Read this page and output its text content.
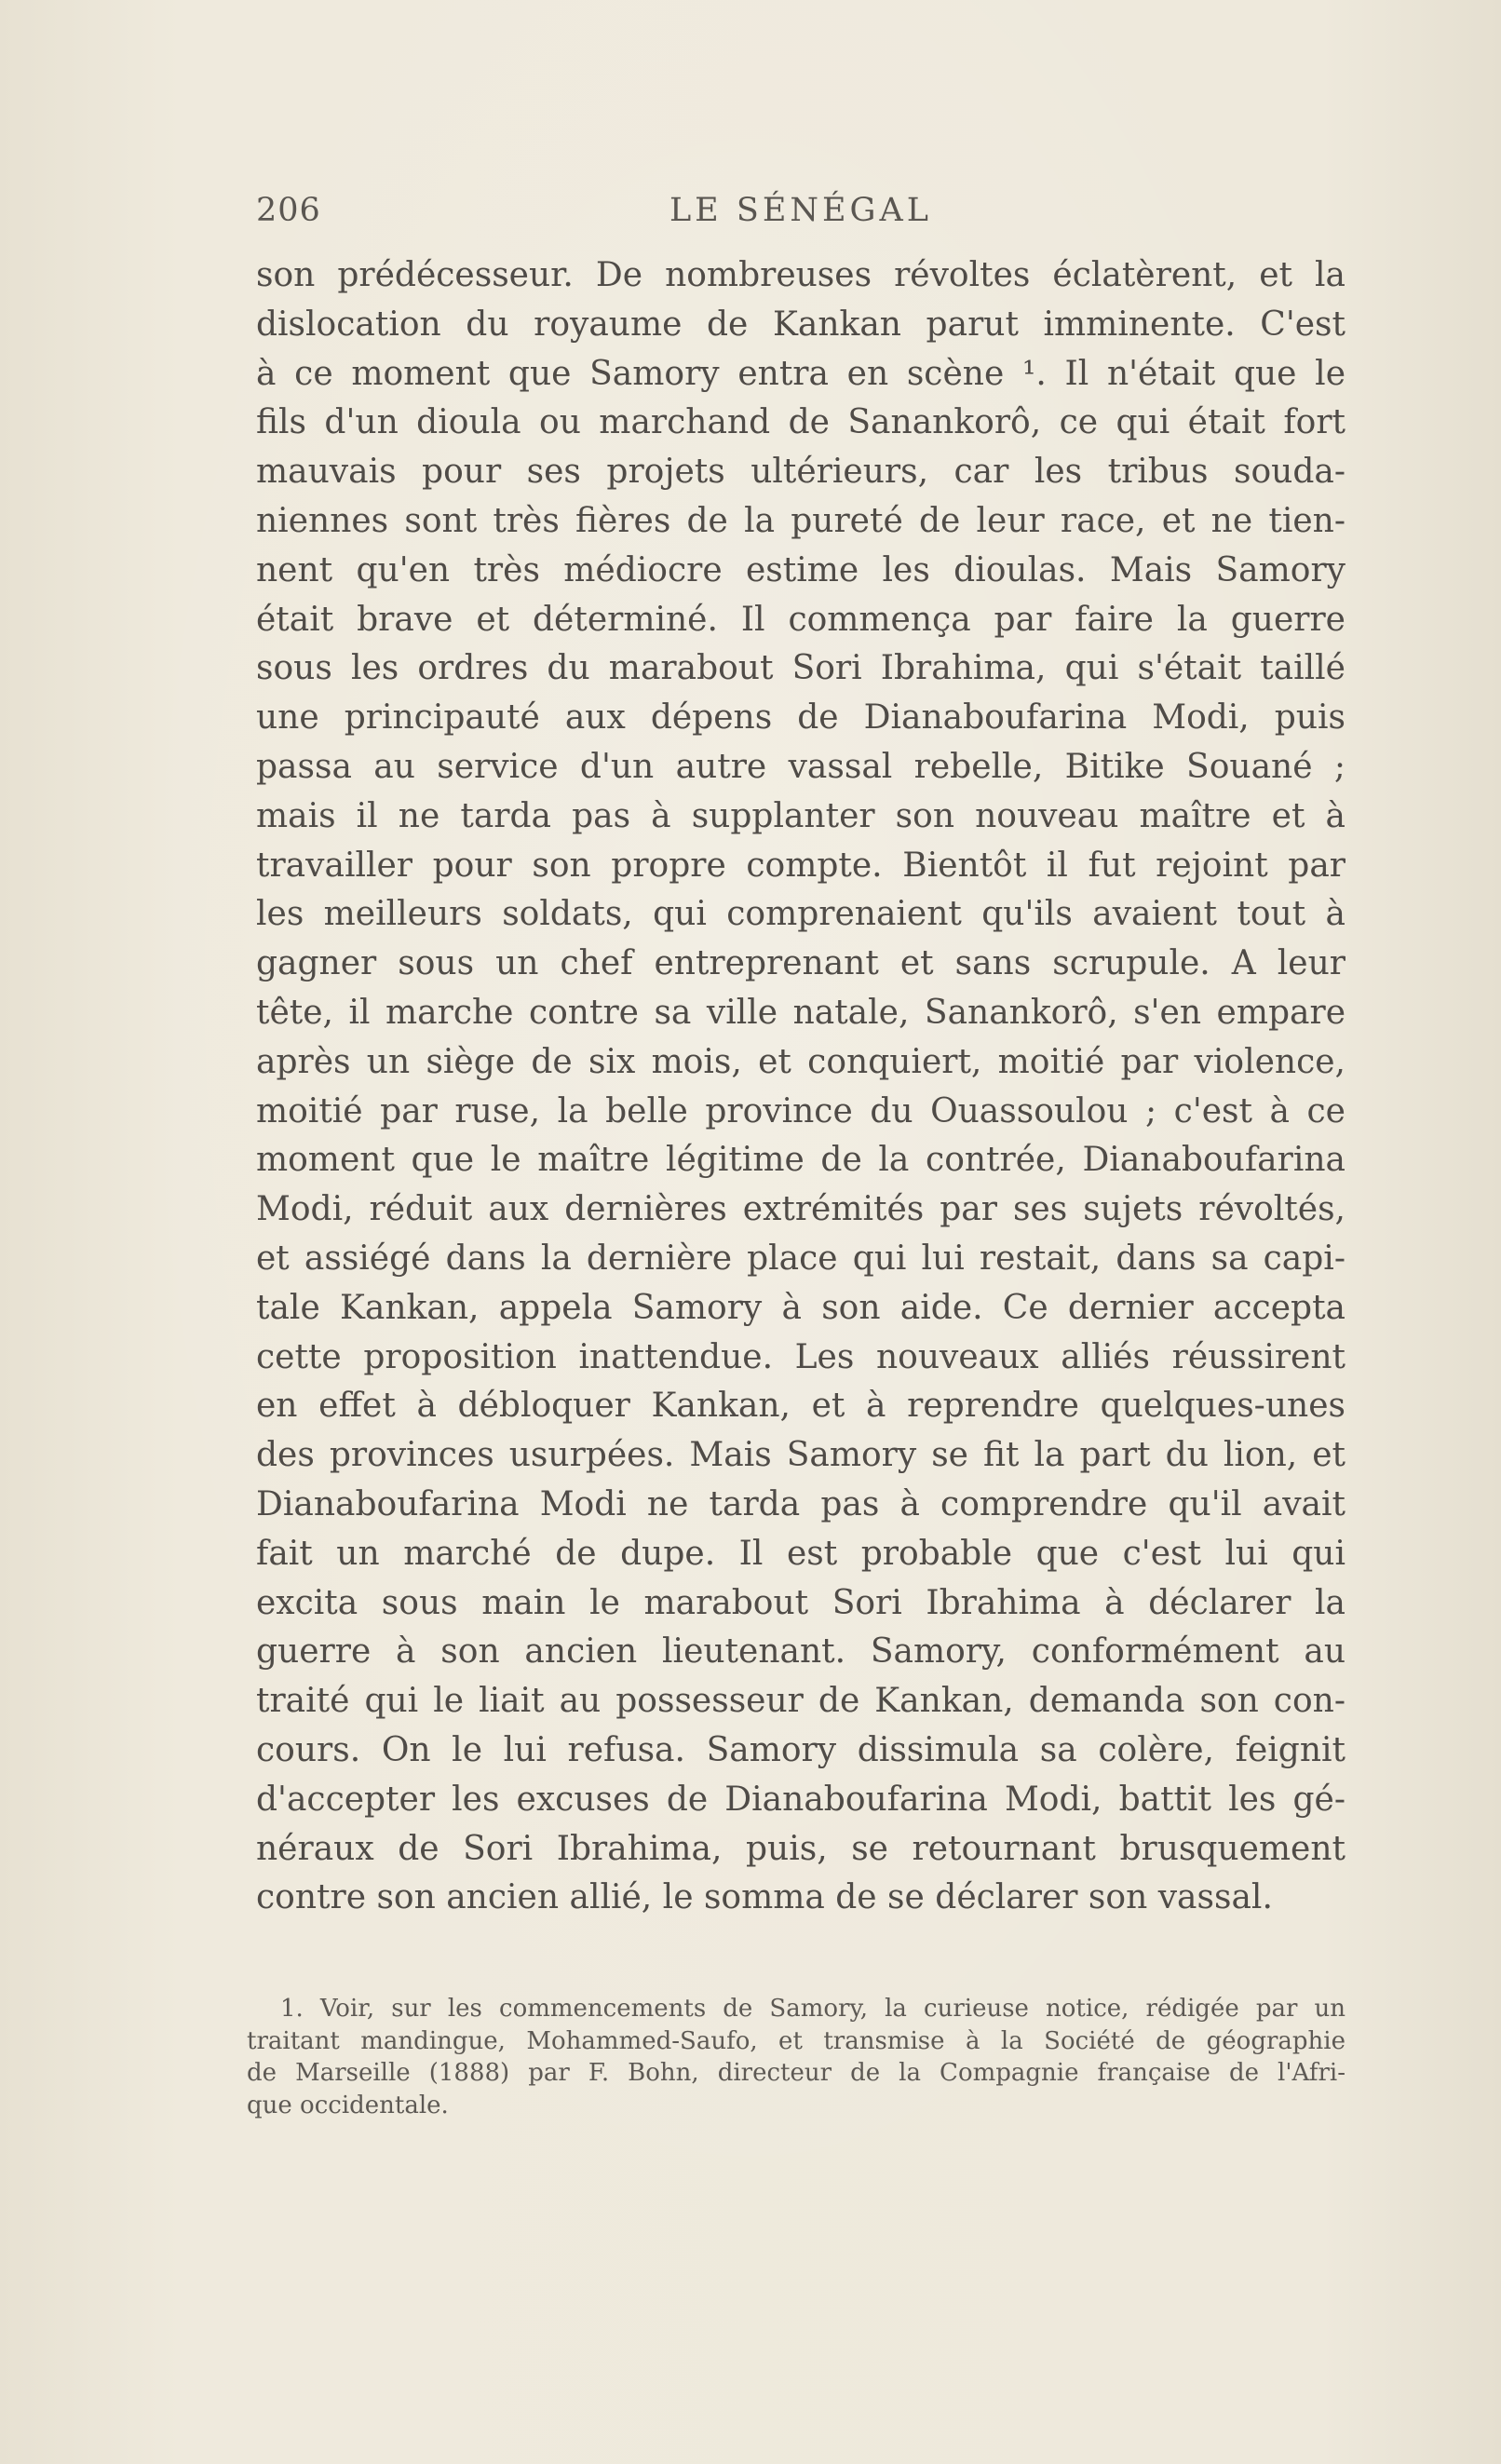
206	LE SÉNÉGAL
son prédécesseur. De nombreuses révoltes éclatèrent, et la
dislocation du royaume de Kankan parut imminente. C'est
à ce moment que Samory entra en scène ¹. Il n'était que le
fils d'un dioula ou marchand de Sanankorô, ce qui était fort
mauvais pour ses projets ultérieurs, car les tribus souda-
niennes sont très fières de la pureté de leur race, et ne tien-
nent qu'en très médiocre estime les dioulas. Mais Samory
était brave et déterminé. Il commença par faire la guerre
sous les ordres du marabout Sori Ibrahima, qui s'était taillé
une principauté aux dépens de Dianaboufarina Modi, puis
passa au service d'un autre vassal rebelle, Bitike Souané ;
mais il ne tarda pas à supplanter son nouveau maître et à
travailler pour son propre compte. Bientôt il fut rejoint par
les meilleurs soldats, qui comprenaient qu'ils avaient tout à
gagner sous un chef entreprenant et sans scrupule. A leur
tête, il marche contre sa ville natale, Sanankorô, s'en empare
après un siège de six mois, et conquiert, moitié par violence,
moitié par ruse, la belle province du Ouassoulou ; c'est à ce
moment que le maître légitime de la contrée, Dianaboufarina
Modi, réduit aux dernières extrémités par ses sujets révoltés,
et assiégé dans la dernière place qui lui restait, dans sa capi-
tale Kankan, appela Samory à son aide. Ce dernier accepta
cette proposition inattendue. Les nouveaux alliés réussirent
en effet à débloquer Kankan, et à reprendre quelques-unes
des provinces usurpées. Mais Samory se fit la part du lion, et
Dianaboufarina Modi ne tarda pas à comprendre qu'il avait
fait un marché de dupe. Il est probable que c'est lui qui
excita sous main le marabout Sori Ibrahima à déclarer la
guerre à son ancien lieutenant. Samory, conformément au
traité qui le liait au possesseur de Kankan, demanda son con-
cours. On le lui refusa. Samory dissimula sa colère, feignit
d'accepter les excuses de Dianaboufarina Modi, battit les gé-
néraux de Sori Ibrahima, puis, se retournant brusquement
contre son ancien allié, le somma de se déclarer son vassal.
1. Voir, sur les commencements de Samory, la curieuse notice, rédigée par un
traitant mandingue, Mohammed-Saufo, et transmise à la Société de géographie
de Marseille (1888) par F. Bohn, directeur de la Compagnie française de l'Afri-
que occidentale.
